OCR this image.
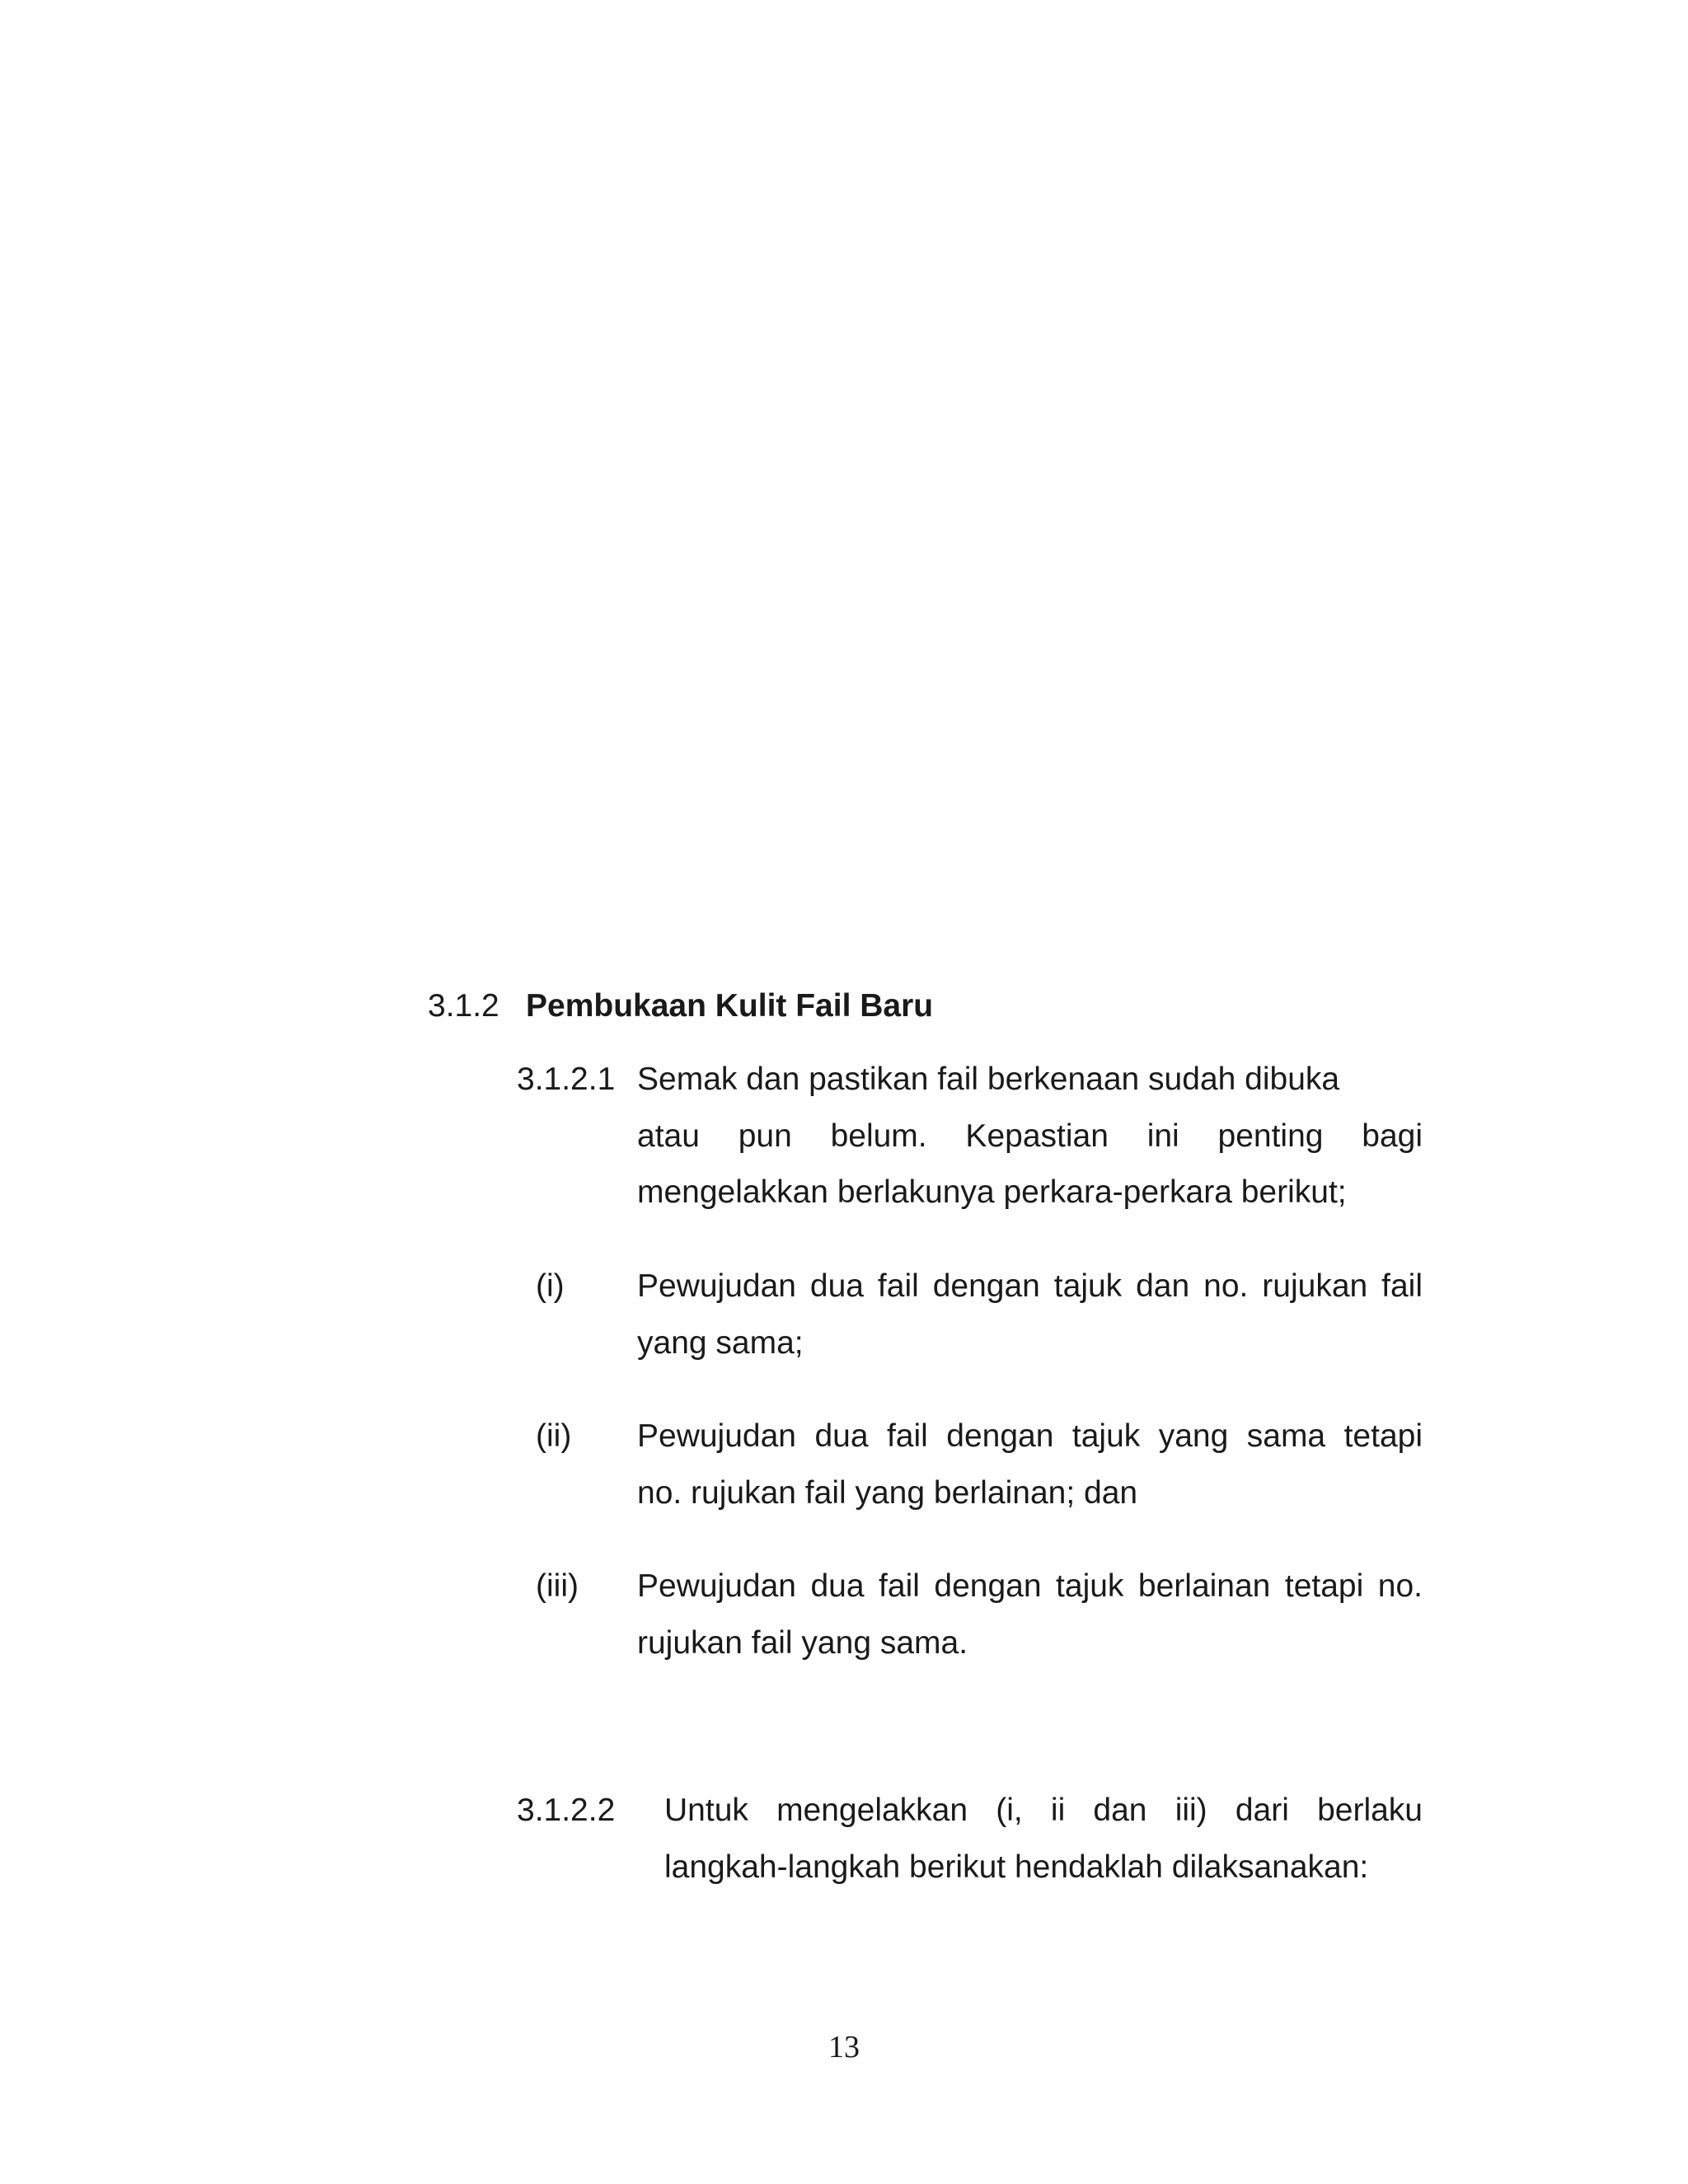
3.1.2 Pembukaan Kulit Fail Baru
3.1.2.1 Semak dan pastikan fail berkenaan sudah dibuka
atau pun belum. Kepastian ini penting bagi
mengelakkan berlakunya perkara-perkara berikut;
(i) Pewujudan dua fail dengan tajuk dan no. rujukan fail
yang sama;
(ii) Pewujudan dua fail dengan tajuk yang sama tetapi
no. rujukan fail yang berlainan; dan
(iii) Pewujudan dua fail dengan tajuk berlainan tetapi no.
rujukan fail yang sama.
3.1.2.2 Untuk mengelakkan (i, ii dan iii) dari berlaku
langkah-langkah berikut hendaklah dilaksanakan:
13
